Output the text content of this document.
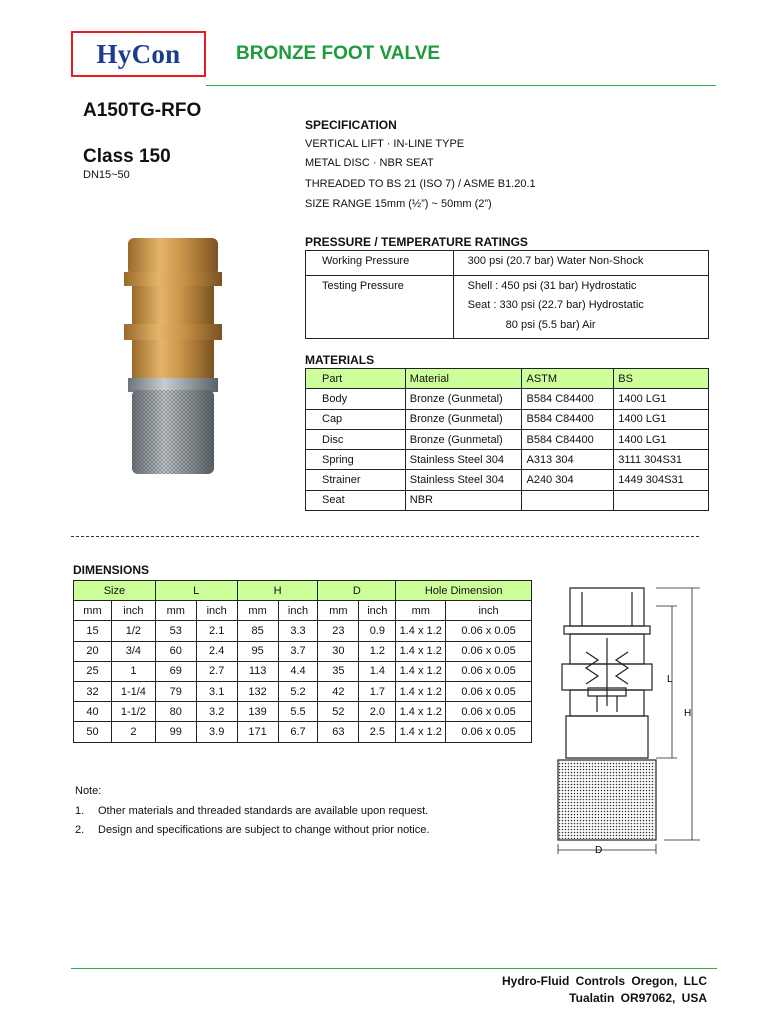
HyCon	BRONZE FOOT VALVE
A150TG-RFO
Class 150
DN15~50
SPECIFICATION
VERTICAL LIFT · IN-LINE TYPE
METAL DISC · NBR SEAT
THREADED TO BS 21 (ISO 7) / ASME B1.20.1
SIZE RANGE 15mm (½”) ~ 50mm (2”)
PRESSURE / TEMPERATURE RATINGS
Working Pressure	300 psi (20.7 bar) Water Non-Shock

Testing Pressure	Shell : 450 psi (31 bar) Hydrostatic
Seat : 330 psi (22.7 bar) Hydrostatic
80 psi (5.5 bar) Air
MATERIALS
Part	Material	ASTM	BS
Body	Bronze (Gunmetal)	B584 C84400	1400 LG1
Cap	Bronze (Gunmetal)	B584 C84400	1400 LG1
Disc	Bronze (Gunmetal)	B584 C84400	1400 LG1
Spring	Stainless Steel 304	A313 304	3111 304S31
Strainer	Stainless Steel 304	A240 304	1449 304S31
Seat	NBR		
DIMENSIONS
Size		L		H		D		Hole Dimension	
mm	inch	mm	inch	mm	inch	mm	inch	mm	inch
15	1/2	53	2.1	85	3.3	23	0.9	1.4 x 1.2	0.06 x 0.05
20	3/4	60	2.4	95	3.7	30	1.2	1.4 x 1.2	0.06 x 0.05
25	1	69	2.7	113	4.4	35	1.4	1.4 x 1.2	0.06 x 0.05
32	1-1/4	79	3.1	132	5.2	42	1.7	1.4 x 1.2	0.06 x 0.05
40	1-1/2	80	3.2	139	5.5	52	2.0	1.4 x 1.2	0.06 x 0.05
50	2	99	3.9	171	6.7	63	2.5	1.4 x 1.2	0.06 x 0.05
L
H
D
Note:
1. Other materials and threaded standards are available upon request.
2. Design and specifications are subject to change without prior notice.
Hydro-Fluid Controls Oregon, LLC
Tualatin OR97062, USA
